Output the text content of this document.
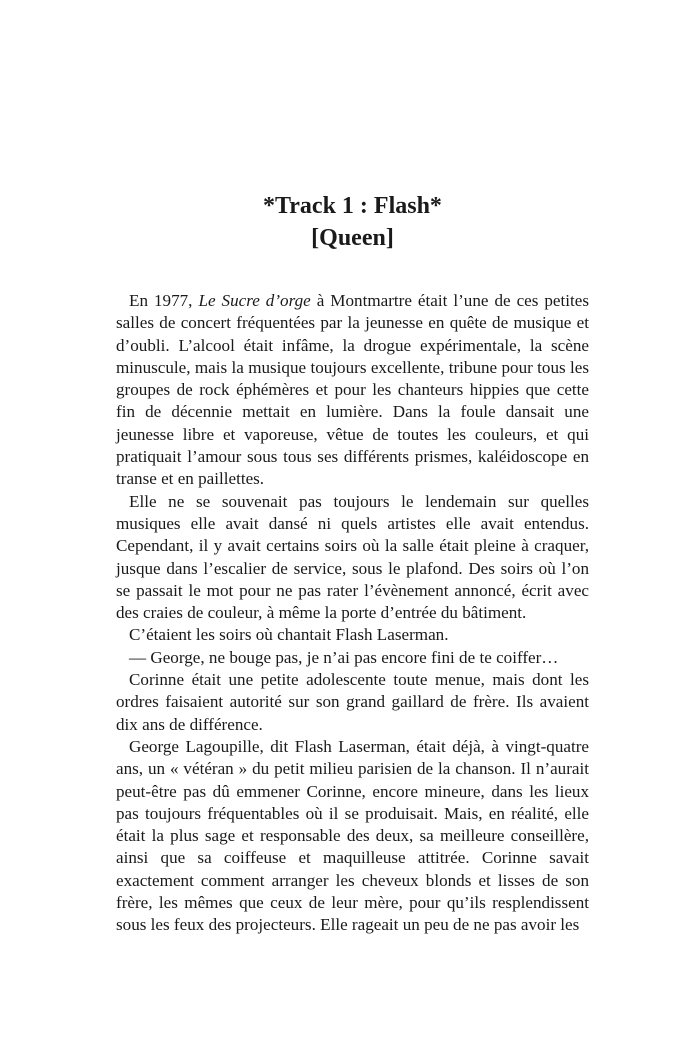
*Track 1 : Flash*
[Queen]

En 1977, Le Sucre d’orge à Montmartre était l’une de ces petites salles de concert fréquentées par la jeunesse en quête de musique et d’oubli. L’alcool était infâme, la drogue expérimentale, la scène minuscule, mais la musique toujours excellente, tribune pour tous les groupes de rock éphémères et pour les chanteurs hippies que cette fin de décennie mettait en lumière. Dans la foule dansait une jeunesse libre et vaporeuse, vêtue de toutes les couleurs, et qui pratiquait l’amour sous tous ses différents prismes, kaléidoscope en transe et en paillettes.

Elle ne se souvenait pas toujours le lendemain sur quelles musiques elle avait dansé ni quels artistes elle avait entendus. Cependant, il y avait certains soirs où la salle était pleine à craquer, jusque dans l’escalier de service, sous le plafond. Des soirs où l’on se passait le mot pour ne pas rater l’évènement annoncé, écrit avec des craies de couleur, à même la porte d’entrée du bâtiment.

C’étaient les soirs où chantait Flash Laserman.

— George, ne bouge pas, je n’ai pas encore fini de te coiffer…

Corinne était une petite adolescente toute menue, mais dont les ordres faisaient autorité sur son grand gaillard de frère. Ils avaient dix ans de différence.

George Lagoupille, dit Flash Laserman, était déjà, à vingt-quatre ans, un « vétéran » du petit milieu parisien de la chanson. Il n’aurait peut-être pas dû emmener Corinne, encore mineure, dans les lieux pas toujours fréquentables où il se produisait. Mais, en réalité, elle était la plus sage et responsable des deux, sa meilleure conseillère, ainsi que sa coiffeuse et maquilleuse attitrée. Corinne savait exactement comment arranger les cheveux blonds et lisses de son frère, les mêmes que ceux de leur mère, pour qu’ils resplendissent sous les feux des projecteurs. Elle rageait un peu de ne pas avoir les
